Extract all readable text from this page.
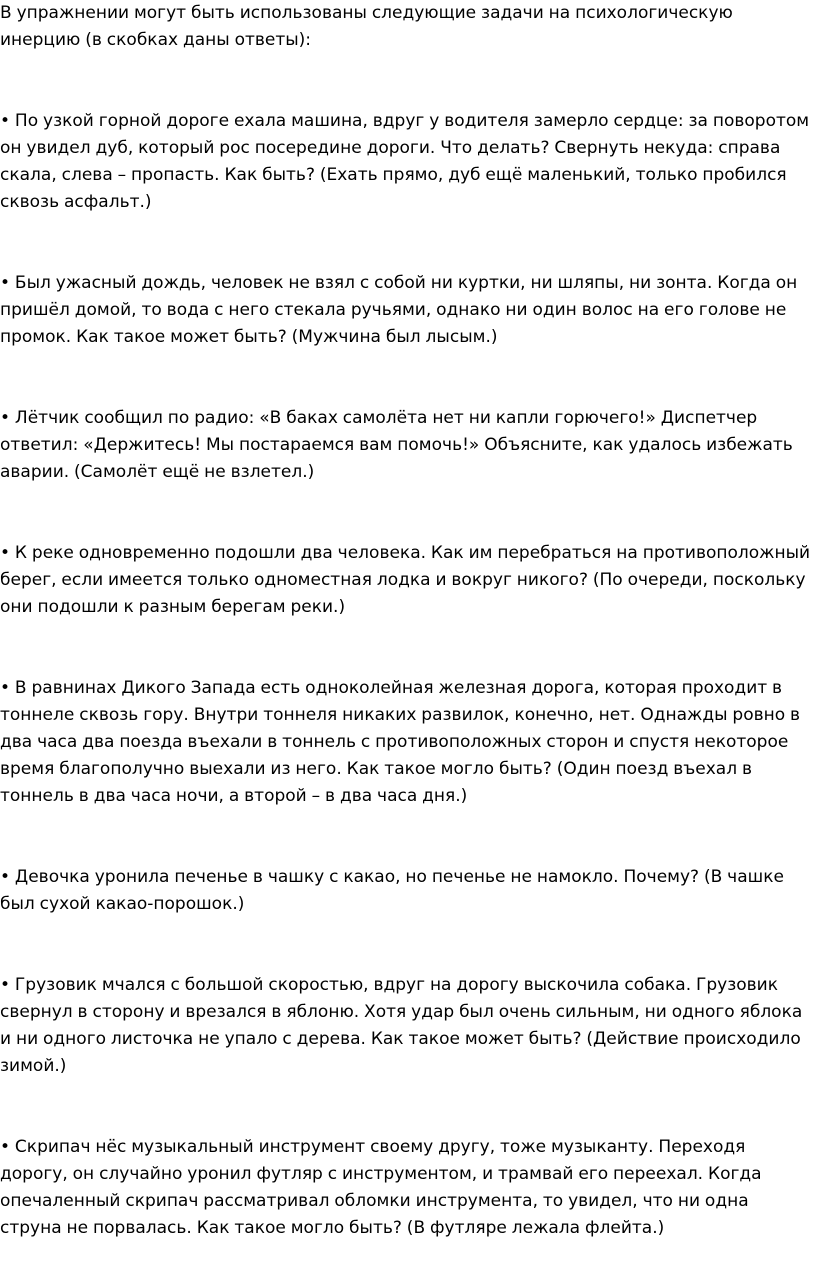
В упражнении могут быть использованы следующие задачи на психологическую инерцию (в скобках даны ответы):

• По узкой горной дороге ехала машина, вдруг у водителя замерло сердце: за поворотом он увидел дуб, который рос посередине дороги. Что делать? Свернуть некуда: справа скала, слева – пропасть. Как быть? (Ехать прямо, дуб ещё маленький, только пробился сквозь асфальт.)

• Был ужасный дождь, человек не взял с собой ни куртки, ни шляпы, ни зонта. Когда он пришёл домой, то вода с него стекала ручьями, однако ни один волос на его голове не промок. Как такое может быть? (Мужчина был лысым.)

• Лётчик сообщил по радио: «В баках самолёта нет ни капли горючего!» Диспетчер ответил: «Держитесь! Мы постараемся вам помочь!» Объясните, как удалось избежать аварии. (Самолёт ещё не взлетел.)

• К реке одновременно подошли два человека. Как им перебраться на противоположный берег, если имеется только одноместная лодка и вокруг никого? (По очереди, поскольку они подошли к разным берегам реки.)

• В равнинах Дикого Запада есть одноколейная железная дорога, которая проходит в тоннеле сквозь гору. Внутри тоннеля никаких развилок, конечно, нет. Однажды ровно в два часа два поезда въехали в тоннель с противоположных сторон и спустя некоторое время благополучно выехали из него. Как такое могло быть? (Один поезд въехал в тоннель в два часа ночи, а второй – в два часа дня.)

• Девочка уронила печенье в чашку с какао, но печенье не намокло. Почему? (В чашке был сухой какао-порошок.)

• Грузовик мчался с большой скоростью, вдруг на дорогу выскочила собака. Грузовик свернул в сторону и врезался в яблоню. Хотя удар был очень сильным, ни одного яблока и ни одного листочка не упало с дерева. Как такое может быть? (Действие происходило зимой.)

• Скрипач нёс музыкальный инструмент своему другу, тоже музыканту. Переходя дорогу, он случайно уронил футляр с инструментом, и трамвай его переехал. Когда опечаленный скрипач рассматривал обломки инструмента, то увидел, что ни одна струна не порвалась. Как такое могло быть? (В футляре лежала флейта.)
